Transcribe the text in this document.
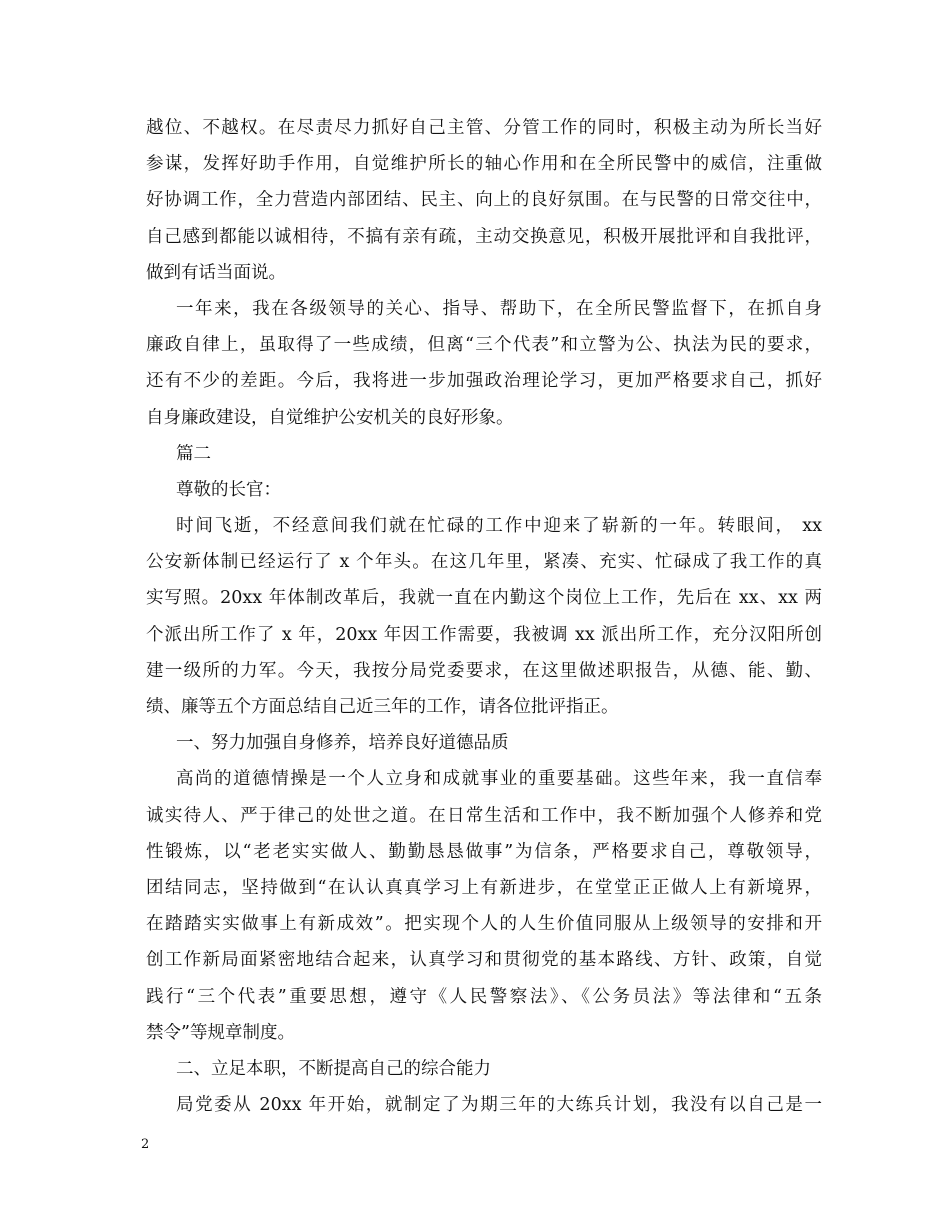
越位、不越权。在尽责尽力抓好自己主管、分管工作的同时，积极主动为所长当好
参谋，发挥好助手作用，自觉维护所长的轴心作用和在全所民警中的威信，注重做
好协调工作，全力营造内部团结、民主、向上的良好氛围。在与民警的日常交往中，
自己感到都能以诚相待，不搞有亲有疏，主动交换意见，积极开展批评和自我批评，
做到有话当面说。
一年来，我在各级领导的关心、指导、帮助下，在全所民警监督下，在抓自身
廉政自律上，虽取得了一些成绩，但离“三个代表”和立警为公、执法为民的要求，
还有不少的差距。今后，我将进一步加强政治理论学习，更加严格要求自己，抓好
自身廉政建设，自觉维护公安机关的良好形象。
篇二
尊敬的长官：
时间飞逝，不经意间我们就在忙碌的工作中迎来了崭新的一年。转眼间， xx
公安新体制已经运行了 x 个年头。在这几年里，紧凑、充实、忙碌成了我工作的真
实写照。20xx 年体制改革后，我就一直在内勤这个岗位上工作，先后在 xx、xx 两
个派出所工作了 x 年，20xx 年因工作需要，我被调 xx 派出所工作，充分汉阳所创
建一级所的力军。今天，我按分局党委要求，在这里做述职报告，从德、能、勤、
绩、廉等五个方面总结自己近三年的工作，请各位批评指正。
一、努力加强自身修养，培养良好道德品质
高尚的道德情操是一个人立身和成就事业的重要基础。这些年来，我一直信奉
诚实待人、严于律己的处世之道。在日常生活和工作中，我不断加强个人修养和党
性锻炼，以“老老实实做人、勤勤恳恳做事”为信条，严格要求自己，尊敬领导，
团结同志，坚持做到“在认认真真学习上有新进步，在堂堂正正做人上有新境界，
在踏踏实实做事上有新成效”。把实现个人的人生价值同服从上级领导的安排和开
创工作新局面紧密地结合起来，认真学习和贯彻党的基本路线、方针、政策，自觉
践行“三个代表”重要思想，遵守《人民警察法》、《公务员法》等法律和“五条
禁令”等规章制度。
二、立足本职，不断提高自己的综合能力
局党委从 20xx 年开始，就制定了为期三年的大练兵计划，我没有以自己是一
2
